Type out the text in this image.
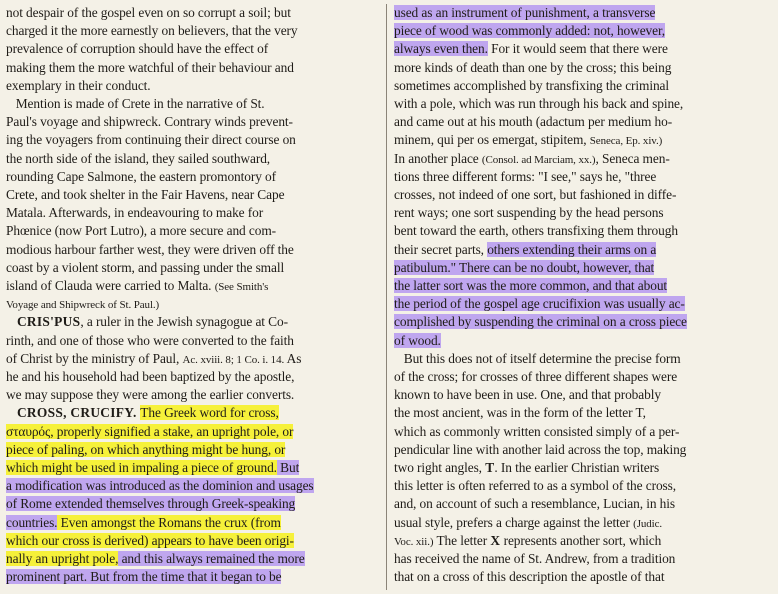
not despair of the gospel even on so corrupt a soil; but
charged it the more earnestly on believers, that the very
prevalence of corruption should have the effect of
making them the more watchful of their behaviour and
exemplary in their conduct.
Mention is made of Crete in the narrative of St.
Paul's voyage and shipwreck. Contrary winds prevent-
ing the voyagers from continuing their direct course on
the north side of the island, they sailed southward,
rounding Cape Salmone, the eastern promontory of
Crete, and took shelter in the Fair Havens, near Cape
Matala. Afterwards, in endeavouring to make for
Phœnice (now Port Lutro), a more secure and com-
modious harbour farther west, they were driven off the
coast by a violent storm, and passing under the small
island of Clauda were carried to Malta. (See Smith's
Voyage and Shipwreck of St. Paul.)
CRIS'PUS, a ruler in the Jewish synagogue at Co-
rinth, and one of those who were converted to the faith
of Christ by the ministry of Paul, Ac. xviii. 8; 1 Co. i. 14. As
he and his household had been baptized by the apostle,
we may suppose they were among the earlier converts.
CROSS, CRUCIFY. The Greek word for cross,
σταυρός, properly signified a stake, an upright pole, or
piece of paling, on which anything might be hung, or
which might be used in impaling a piece of ground. But
a modification was introduced as the dominion and usages
of Rome extended themselves through Greek-speaking
countries. Even amongst the Romans the crux (from
which our cross is derived) appears to have been origi-
nally an upright pole, and this always remained the more
prominent part. But from the time that it began to be
used as an instrument of punishment, a transverse
piece of wood was commonly added: not, however,
always even then. For it would seem that there were
more kinds of death than one by the cross; this being
sometimes accomplished by transfixing the criminal
with a pole, which was run through his back and spine,
and came out at his mouth (adactum per medium ho-
minem, qui per os emergat, stipitem, Seneca, Ep. xiv.)
In another place (Consol. ad Marciam, xx.), Seneca men-
tions three different forms: "I see," says he, "three
crosses, not indeed of one sort, but fashioned in diffe-
rent ways; one sort suspending by the head persons
bent toward the earth, others transfixing them through
their secret parts, others extending their arms on a
patibulum." There can be no doubt, however, that
the latter sort was the more common, and that about
the period of the gospel age crucifixion was usually ac-
complished by suspending the criminal on a cross piece
of wood.
But this does not of itself determine the precise form
of the cross; for crosses of three different shapes were
known to have been in use. One, and that probably
the most ancient, was in the form of the letter T,
which as commonly written consisted simply of a per-
pendicular line with another laid across the top, making
two right angles, T. In the earlier Christian writers
this letter is often referred to as a symbol of the cross,
and, on account of such a resemblance, Lucian, in his
usual style, prefers a charge against the letter (Judic.
Voc. xii.) The letter X represents another sort, which
has received the name of St. Andrew, from a tradition
that on a cross of this description the apostle of that
